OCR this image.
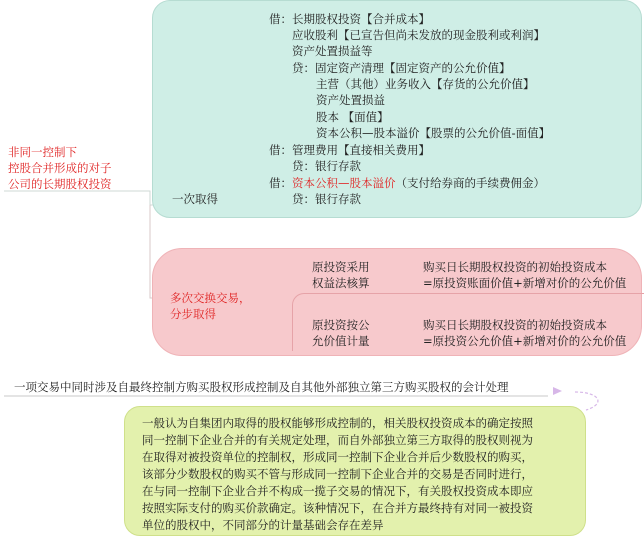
借：长期股权投资【合并成本】
应收股利【已宣告但尚未发放的现金股利或利润】
资产处置损益等
贷：固定资产清理【固定资产的公允价值】
主营（其他）业务收入【存货的公允价值】
资产处置损益
股本 【面值】
资本公积—股本溢价【股票的公允价值-面值】
借：管理费用【直接相关费用】
贷：银行存款
借：资本公积—股本溢价（支付给券商的手续费佣金）
贷：银行存款
非同一控制下
控股合并形成的对子
公司的长期股权投资
一次取得
多次交换交易，
分步取得
原投资采用
权益法核算
购买日长期股权投资的初始投资成本
=原投资账面价值+新增对价的公允价值
原投资按公
允价值计量
购买日长期股权投资的初始投资成本
=原投资公允价值+新增对价的公允价值
一项交易中同时涉及自最终控制方购买股权形成控制及自其他外部独立第三方购买股权的会计处理
一般认为自集团内取得的股权能够形成控制的，相关股权投资成本的确定按照
同一控制下企业合并的有关规定处理，而自外部独立第三方取得的股权则视为
在取得对被投资单位的控制权，形成同一控制下企业合并后少数股权的购买，
该部分少数股权的购买不管与形成同一控制下企业合并的交易是否同时进行，
在与同一控制下企业合并不构成一揽子交易的情况下，有关股权投资成本即应
按照实际支付的购买价款确定。该种情况下，在合并方最终持有对同一被投资
单位的股权中，不同部分的计量基础会存在差异
